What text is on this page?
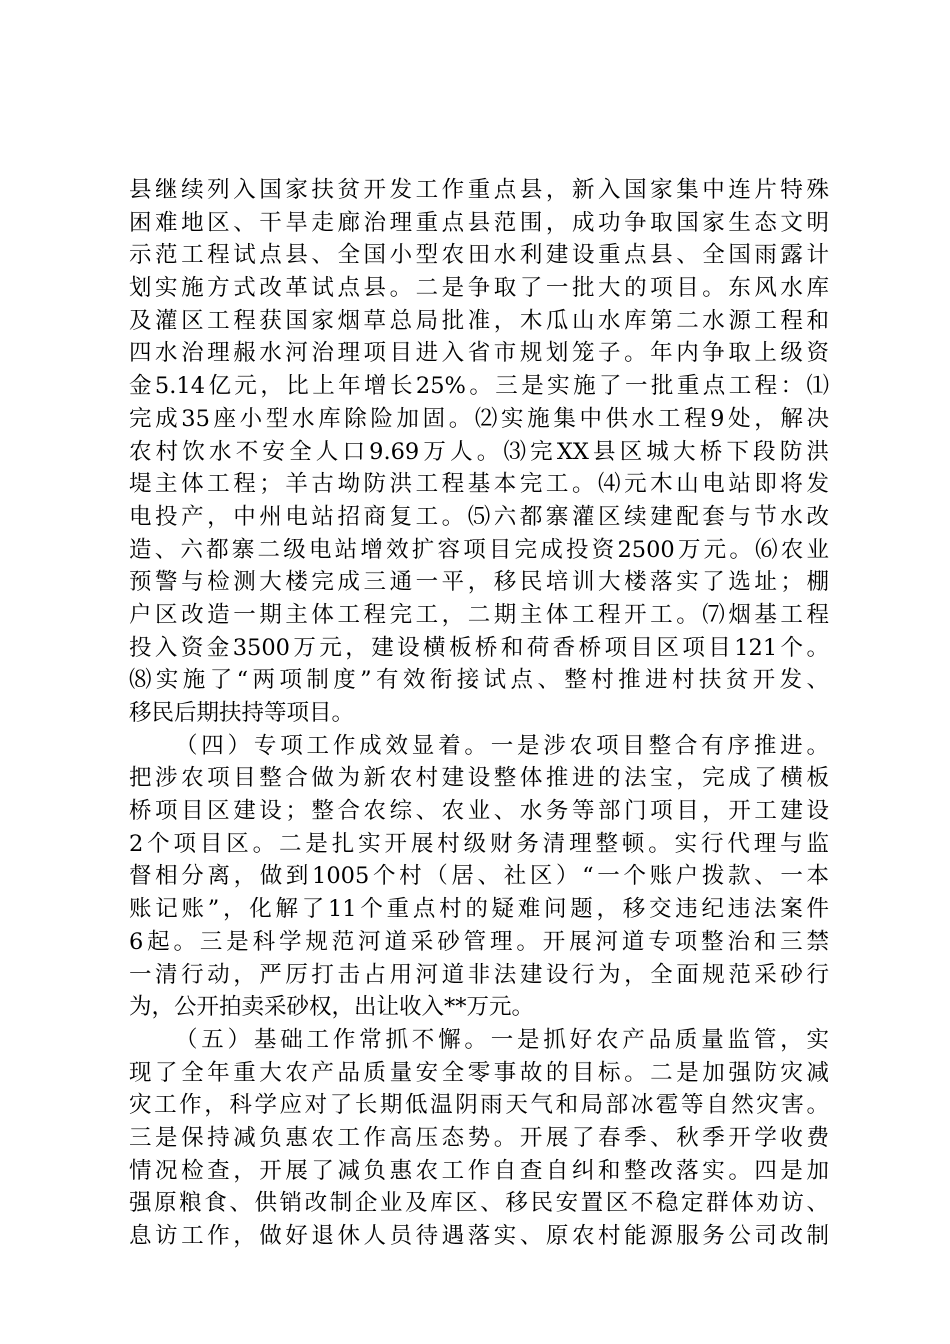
县继续列入国家扶贫开发工作重点县，新入国家集中连片特殊
困难地区、干旱走廊治理重点县范围，成功争取国家生态文明
示范工程试点县、全国小型农田水利建设重点县、全国雨露计
划实施方式改革试点县。二是争取了一批大的项目。东风水库
及灌区工程获国家烟草总局批准，木瓜山水库第二水源工程和
四水治理赧水河治理项目进入省市规划笼子。年内争取上级资
金5.14亿元，比上年增长25%。三是实施了一批重点工程：⑴
完成35座小型水库除险加固。⑵实施集中供水工程9处，解决
农村饮水不安全人口9.69万人。⑶完XX县区城大桥下段防洪
堤主体工程；羊古坳防洪工程基本完工。⑷元木山电站即将发
电投产，中州电站招商复工。⑸六都寨灌区续建配套与节水改
造、六都寨二级电站增效扩容项目完成投资2500万元。⑹农业
预警与检测大楼完成三通一平，移民培训大楼落实了选址；棚
户区改造一期主体工程完工，二期主体工程开工。⑺烟基工程
投入资金3500万元，建设横板桥和荷香桥项目区项目121个。
⑻实施了“两项制度”有效衔接试点、整村推进村扶贫开发、
移民后期扶持等项目。
（四）专项工作成效显着。一是涉农项目整合有序推进。
把涉农项目整合做为新农村建设整体推进的法宝，完成了横板
桥项目区建设；整合农综、农业、水务等部门项目，开工建设
2个项目区。二是扎实开展村级财务清理整顿。实行代理与监
督相分离，做到1005个村（居、社区）“一个账户拨款、一本
账记账”，化解了11个重点村的疑难问题，移交违纪违法案件
6起。三是科学规范河道采砂管理。开展河道专项整治和三禁
一清行动，严厉打击占用河道非法建设行为，全面规范采砂行
为，公开拍卖采砂权，出让收入**万元。
（五）基础工作常抓不懈。一是抓好农产品质量监管，实
现了全年重大农产品质量安全零事故的目标。二是加强防灾减
灾工作，科学应对了长期低温阴雨天气和局部冰雹等自然灾害。
三是保持减负惠农工作高压态势。开展了春季、秋季开学收费
情况检查，开展了减负惠农工作自查自纠和整改落实。四是加
强原粮食、供销改制企业及库区、移民安置区不稳定群体劝访、
息访工作，做好退休人员待遇落实、原农村能源服务公司改制
